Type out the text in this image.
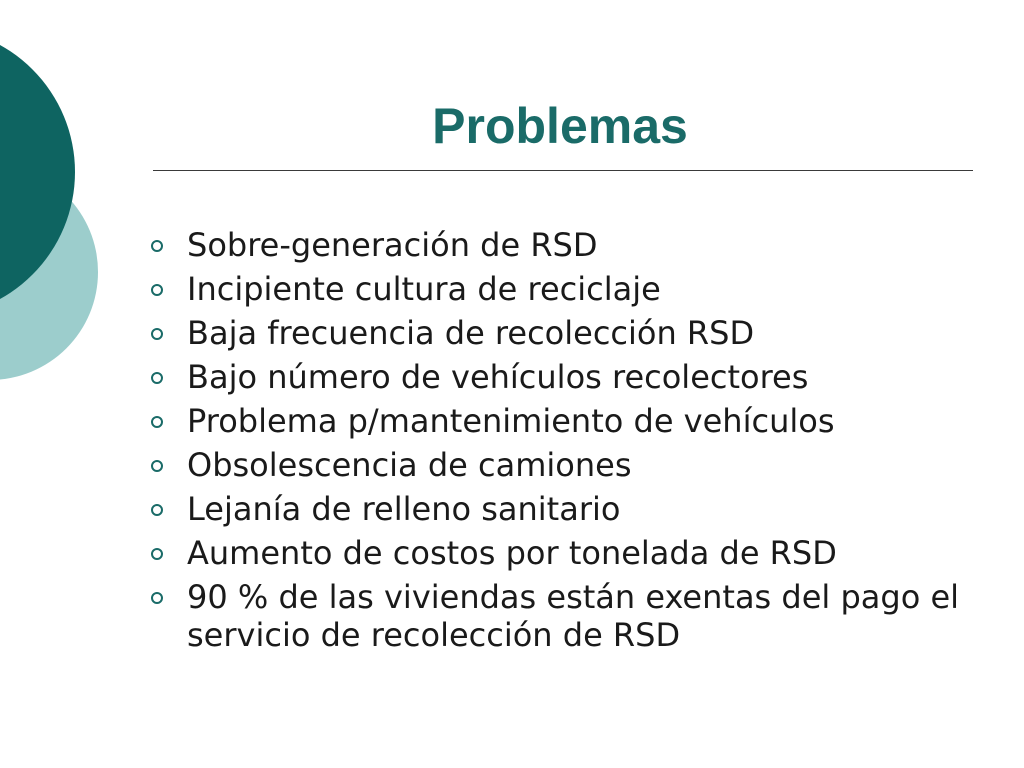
Problemas
Sobre-generación de RSD
Incipiente cultura de reciclaje
Baja frecuencia de recolección RSD
Bajo número de vehículos recolectores
Problema p/mantenimiento de vehículos
Obsolescencia de camiones
Lejanía de relleno sanitario
Aumento de costos por tonelada de RSD
90 % de las viviendas están exentas del pago el servicio de recolección de RSD
